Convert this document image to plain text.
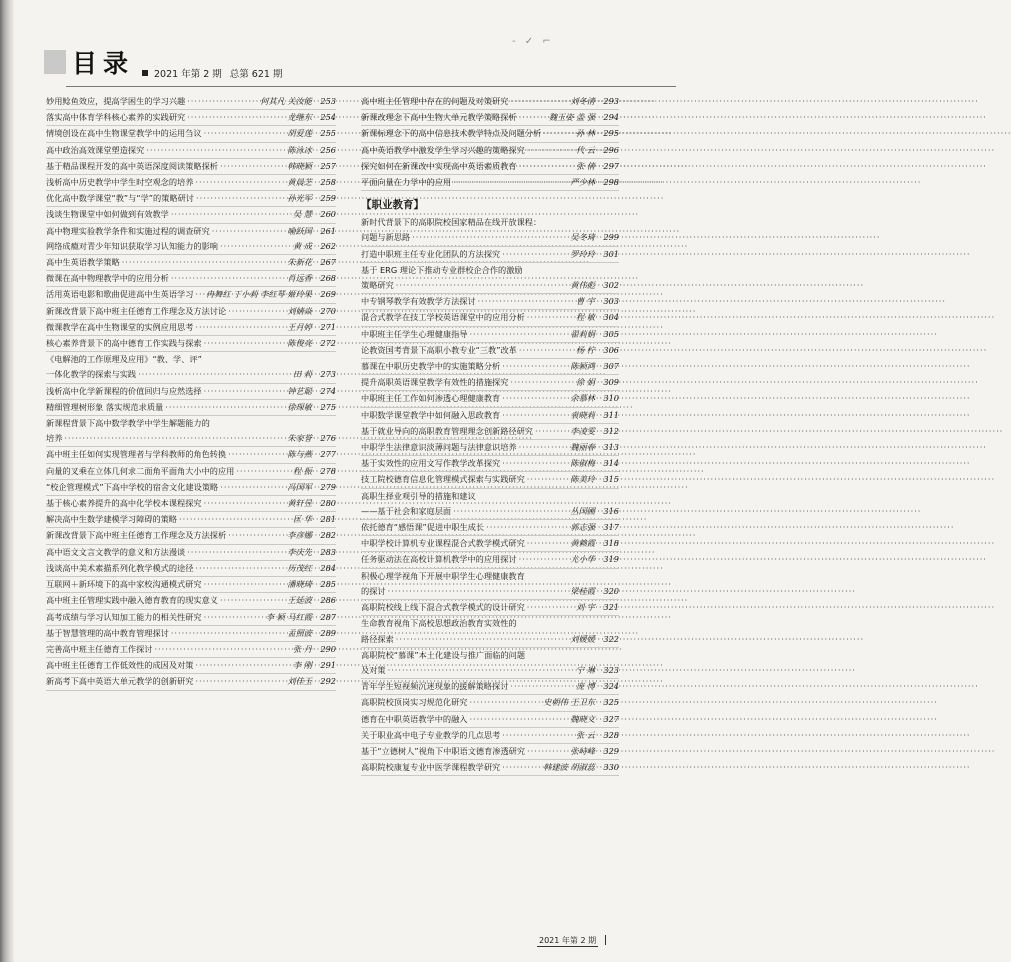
- ✓ ⌐
目录	2021 年第 2 期 总第 621 期
妙用鲶鱼效应，提高学困生的学习兴趣 ·····	何其凡 关汝能	253
落实高中体育学科核心素养的实践研究 ·····	龙继东	254
情境创设在高中生物课堂教学中的运用刍议 ·····	胡爱莲	255
高中政治高效课堂塑造探究 ·····	陈泳冰	256
基于精品课程开发的高中英语深度阅读策略探析 ·····	韩晓颖	257
浅析高中历史教学中学生时空观念的培养 ·····	黄晨芝	258
优化高中数学课堂“教”与“学”的策略研讨 ·····	孙光军	259
浅谈生物课堂中如何做到有效教学 ·····	吴 慧	260
高中物理实验教学条件和实施过程的调查研究 ·····	喻跃国	261
网络成瘾对青少年知识获取学习认知能力的影响 ·····	黄 成	262
高中生英语教学策略 ·····	朱新花	267
微课在高中物理教学中的应用分析 ·····	肖远香	268
活用英语电影和歌曲促进高中生英语学习 ····· 冉舞红 丁小莉 李红琴 姬玲果	269
新课改背景下高中班主任德育工作理念及方法讨论 ·····	刘婧焱	270
微课教学在高中生物课堂的实例应用思考 ·····	王月婷	271
核心素养背景下的高中德育工作实践与探索 ·····	陈俊亮	272
《电解池的工作原理及应用》“教、学、评”
一体化教学的探索与实践 ·····	田 莉	273
浅析高中化学新课程的价值回归与应然选择 ·····	钟艺聪	274
精细管理树形象 落实规范求质量 ·····	徐琛敏	275
新课程背景下高中数学教学中学生解题能力的
培养 ·····	朱家誉	276
高中班主任如何实现管理者与学科教师的角色转换 ·····	陈与燕	277
向量的叉乘在立体几何求二面角平面角大小中的应用 ·····	程 振	278
“校企管理模式”下高中学校的宿舍文化建设策略 ·····	冯国军	279
基于核心素养提升的高中化学校本课程探究 ·····	黄轩昱	280
解决高中生数学建模学习障碍的策略 ·····	匡 华	281
新课改背景下高中班主任德育工作理念及方法探析 ·····	李彦娜	282
高中语文文言文教学的意义和方法漫谈 ·····	李庆先	283
浅谈高中美术素描系列化教学模式的途径 ·····	历茂红	284
互联网＋新环境下的高中家校沟通模式研究 ·····	潘晓琦	285
高中班主任管理实践中融入德育教育的现实意义 ·····	王廷波	286
高考成绩与学习认知加工能力的相关性研究 ·····	李 颖 马红霞	287
基于智慧管理的高中教育管理探讨 ·····	孟照波	289
完善高中班主任德育工作探讨 ·····	张 丹	290
高中班主任德育工作低效性的成因及对策 ·····	李 刚	291
新高考下高中英语大单元教学的创新研究 ·····	刘佳玉	292
高中班主任管理中存在的问题及对策研究 ·····	刘冬清	293
新课改理念下高中生物大单元教学策略探析 ·····	魏玉姿 盖 强	294
新课标理念下的高中信息技术教学特点及问题分析 ·····	孙 林	295
高中英语教学中激发学生学习兴趣的策略探究 ·····	代 云	296
探究如何在新课改中实现高中英语素质教育 ·····	张 倩	297
平面向量在力学中的应用 ·····	严少林	298
【职业教育】
新时代背景下的高职院校国家精品在线开放课程：
问题与新思路 ·····	吴冬琦	299
打造中职班主任专业化团队的方法探究 ·····	罗玲玲	301
基于 ERG 理论下推动专业群校企合作的激励
策略研究 ·····	黄伟彪	302
中专钢琴教学有效教学方法探讨 ·····	曹 宇	303
混合式教学在技工学校英语课堂中的应用分析 ·····	程 敏	304
中职班主任学生心理健康指导 ·····	翟莉娟	305
论教资国考背景下高职小教专业“三教”改革 ·····	杨 柠	306
慕课在中职历史教学中的实施策略分析 ·····	陈颖鸿	307
提升高职英语课堂教学有效性的措施探究 ·····	徐 娟	309
中职班主任工作如何渗透心理健康教育 ·····	余慕林	310
中职数学课堂教学中如何融入思政教育 ·····	袁晓莉	311
基于就业导向的高职教育管理理念创新路径研究 ·····	李凌雯	312
中职学生法律意识淡薄问题与法律意识培养 ·····	魏丽春	313
基于实效性的应用文写作教学改革探究 ·····	陈俶梅	314
技工院校德育信息化管理模式探索与实践研究 ·····	陈美玲	315
高职生择业观引导的措施和建议
——基于社会和家庭层面 ·····	丛国圃	316
依托德育“感悟课”促进中职生成长 ·····	郭志强	317
中职学校计算机专业课程混合式教学模式研究 ·····	黄赖霞	318
任务驱动法在高校计算机教学中的应用探讨 ·····	尤小华	319
积极心理学视角下开展中职学生心理健康教育
的探讨 ·····	梁桂霞	320
高职院校线上线下混合式教学模式的设计研究 ·····	刘 宇	321
生命教育视角下高校思想政治教育实效性的
路径探索 ·····	刘媛媛	322
高职院校“慕课”本土化建设与推广面临的问题
及对策 ·····	宁 琳	323
青年学生短视频沉迷现象的援解策略探讨 ·····	庞 博	324
高职院校顶岗实习规范化研究 ·····	史朝伟 王卫东	325
德育在中职英语教学中的融入 ·····	魏晓文	327
关于职业高中电子专业教学的几点思考 ·····	张 云	328
基于“立德树人”视角下中职语文德育渗透研究 ·····	张峙峰	329
高职院校康复专业中医学课程教学研究 ·····	韩建波 胡淑蕊	330
2021 年第 2 期
